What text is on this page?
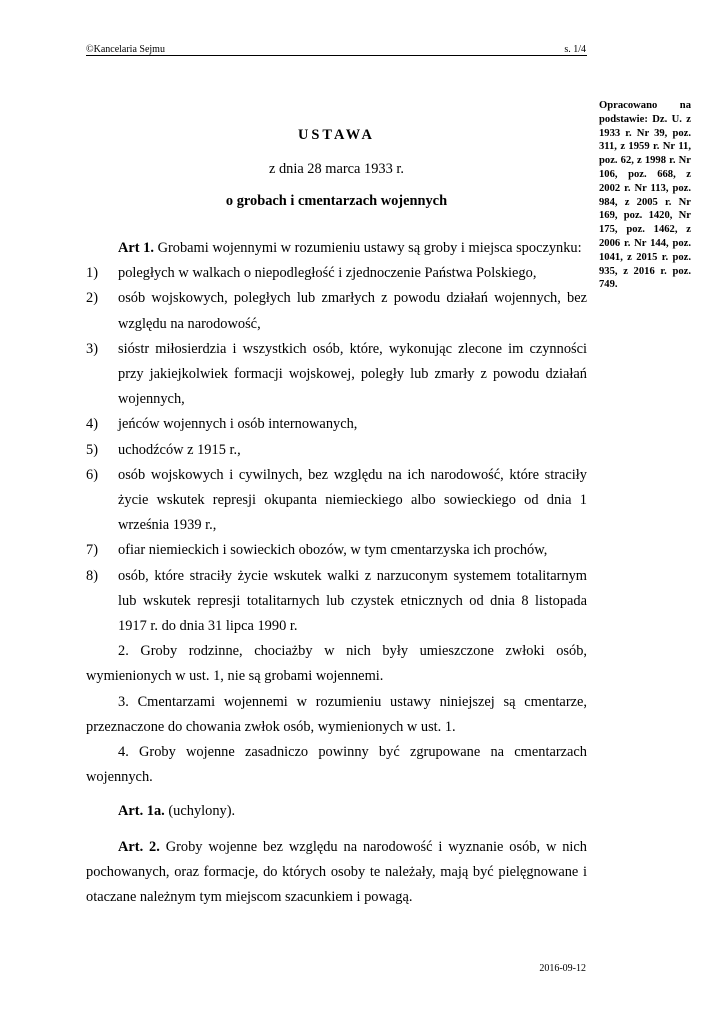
©Kancelaria Sejmu	s. 1/4
Opracowano na podstawie: Dz. U. z 1933 r. Nr 39, poz. 311, z 1959 r. Nr 11, poz. 62, z 1998 r. Nr 106, poz. 668, z 2002 r. Nr 113, poz. 984, z 2005 r. Nr 169, poz. 1420, Nr 175, poz. 1462, z 2006 r. Nr 144, poz. 1041, z 2015 r. poz. 935, z 2016 r. poz. 749.
USTAWA
z dnia 28 marca 1933 r.
o grobach i cmentarzach wojennych

Art 1. Grobami wojennymi w rozumieniu ustawy są groby i miejsca spoczynku:

1)	poległych w walkach o niepodległość i zjednoczenie Państwa Polskiego,
2)	osób wojskowych, poległych lub zmarłych z powodu działań wojennych, bez względu na narodowość,
3)	sióstr miłosierdzia i wszystkich osób, które, wykonując zlecone im czynności przy jakiejkolwiek formacji wojskowej, poległy lub zmarły z powodu działań wojennych,
4)	jeńców wojennych i osób internowanych,
5)	uchodźców z 1915 r.,
6)	osób wojskowych i cywilnych, bez względu na ich narodowość, które straciły życie wskutek represji okupanta niemieckiego albo sowieckiego od dnia 1 września 1939 r.,
7)	ofiar niemieckich i sowieckich obozów, w tym cmentarzyska ich prochów,
8)	osób, które straciły życie wskutek walki z narzuconym systemem totalitarnym lub wskutek represji totalitarnych lub czystek etnicznych od dnia 8 listopada 1917 r. do dnia 31 lipca 1990 r.

2. Groby rodzinne, chociażby w nich były umieszczone zwłoki osób, wymienionych w ust. 1, nie są grobami wojennemi.

3. Cmentarzami wojennemi w rozumieniu ustawy niniejszej są cmentarze, przeznaczone do chowania zwłok osób, wymienionych w ust. 1.

4. Groby wojenne zasadniczo powinny być zgrupowane na cmentarzach wojennych.

Art. 1a. (uchylony).

Art. 2. Groby wojenne bez względu na narodowość i wyznanie osób, w nich pochowanych, oraz formacje, do których osoby te należały, mają być pielęgnowane i otaczane należnym tym miejscom szacunkiem i powagą.

2016-09-12
